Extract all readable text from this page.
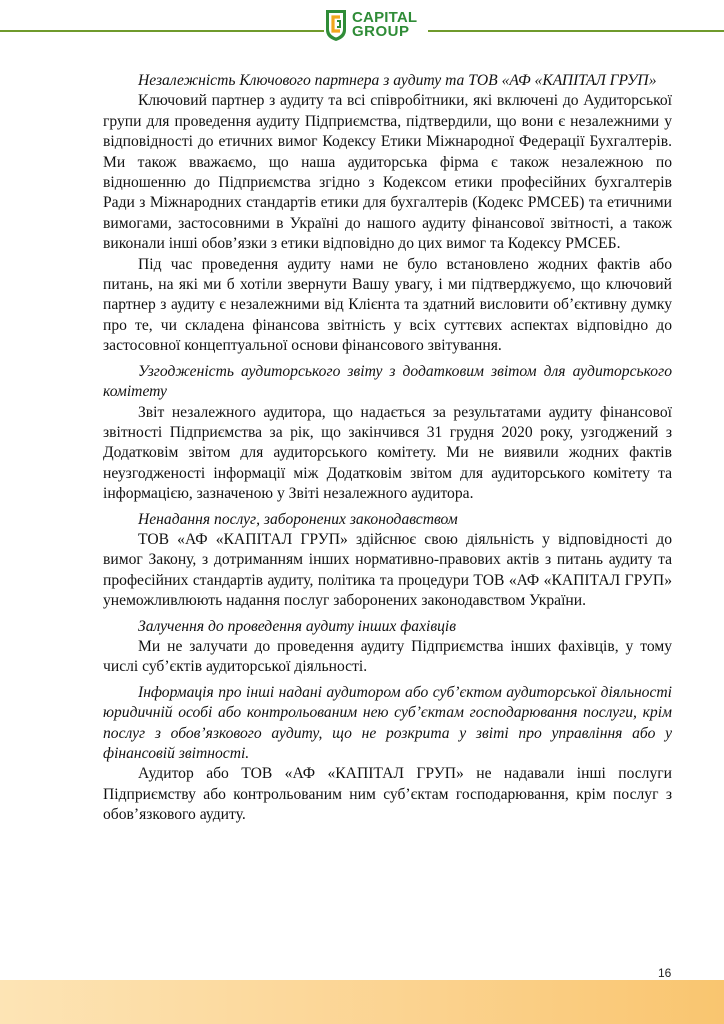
CAPITAL
GROUP

Незалежність Ключового партнера з аудиту та ТОВ «АФ «КАПІТАЛ ГРУП»

Ключовий партнер з аудиту та всі співробітники, які включені до Аудиторської групи для проведення аудиту Підприємства, підтвердили, що вони є незалежними у відповідності до етичних вимог Кодексу Етики Міжнародної Федерації Бухгалтерів. Ми також вважаємо, що наша аудиторська фірма є також незалежною по відношенню до Підприємства згідно з Кодексом етики професійних бухгалтерів Ради з Міжнародних стандартів етики для бухгалтерів (Кодекс РМСЕБ) та етичними вимогами, застосовними в Україні до нашого аудиту фінансової звітності, а також виконали інші обов’язки з етики відповідно до цих вимог та Кодексу РМСЕБ.

Під час проведення аудиту нами не було встановлено жодних фактів або питань, на які ми б хотіли звернути Вашу увагу, і ми підтверджуємо, що ключовий партнер з аудиту є незалежними від Клієнта та здатний висловити об’єктивну думку про те, чи складена фінансова звітність у всіх суттєвих аспектах відповідно до застосовної концептуальної основи фінансового звітування.

Узгодженість аудиторського звіту з додатковим звітом для аудиторського комітету

Звіт незалежного аудитора, що надається за результатами аудиту фінансової звітності Підприємства за рік, що закінчився 31 грудня 2020 року, узгоджений з Додатковім звітом для аудиторського комітету. Ми не виявили жодних фактів неузгодженості інформації між Додатковім звітом для аудиторського комітету та інформацією, зазначеною у Звіті незалежного аудитора.

Ненадання послуг, заборонених законодавством

ТОВ «АФ «КАПІТАЛ ГРУП» здійснює свою діяльність у відповідності до вимог Закону, з дотриманням інших нормативно-правових актів з питань аудиту та професійних стандартів аудиту, політика та процедури ТОВ «АФ «КАПІТАЛ ГРУП» унеможливлюють надання послуг заборонених законодавством України.

Залучення до проведення аудиту інших фахівців

Ми не залучати до проведення аудиту Підприємства інших фахівців, у тому числі суб’єктів аудиторської діяльності.

Інформація про інші надані аудитором або суб’єктом аудиторської діяльності юридичній особі або контрольованим нею суб’єктам господарювання послуги, крім послуг з обов’язкового аудиту, що не розкрита у звіті про управління або у фінансовій звітності.

Аудитор або ТОВ «АФ «КАПІТАЛ ГРУП» не надавали інші послуги Підприємству або контрольованим ним суб’єктам господарювання, крім послуг з обов’язкового аудиту.

16
